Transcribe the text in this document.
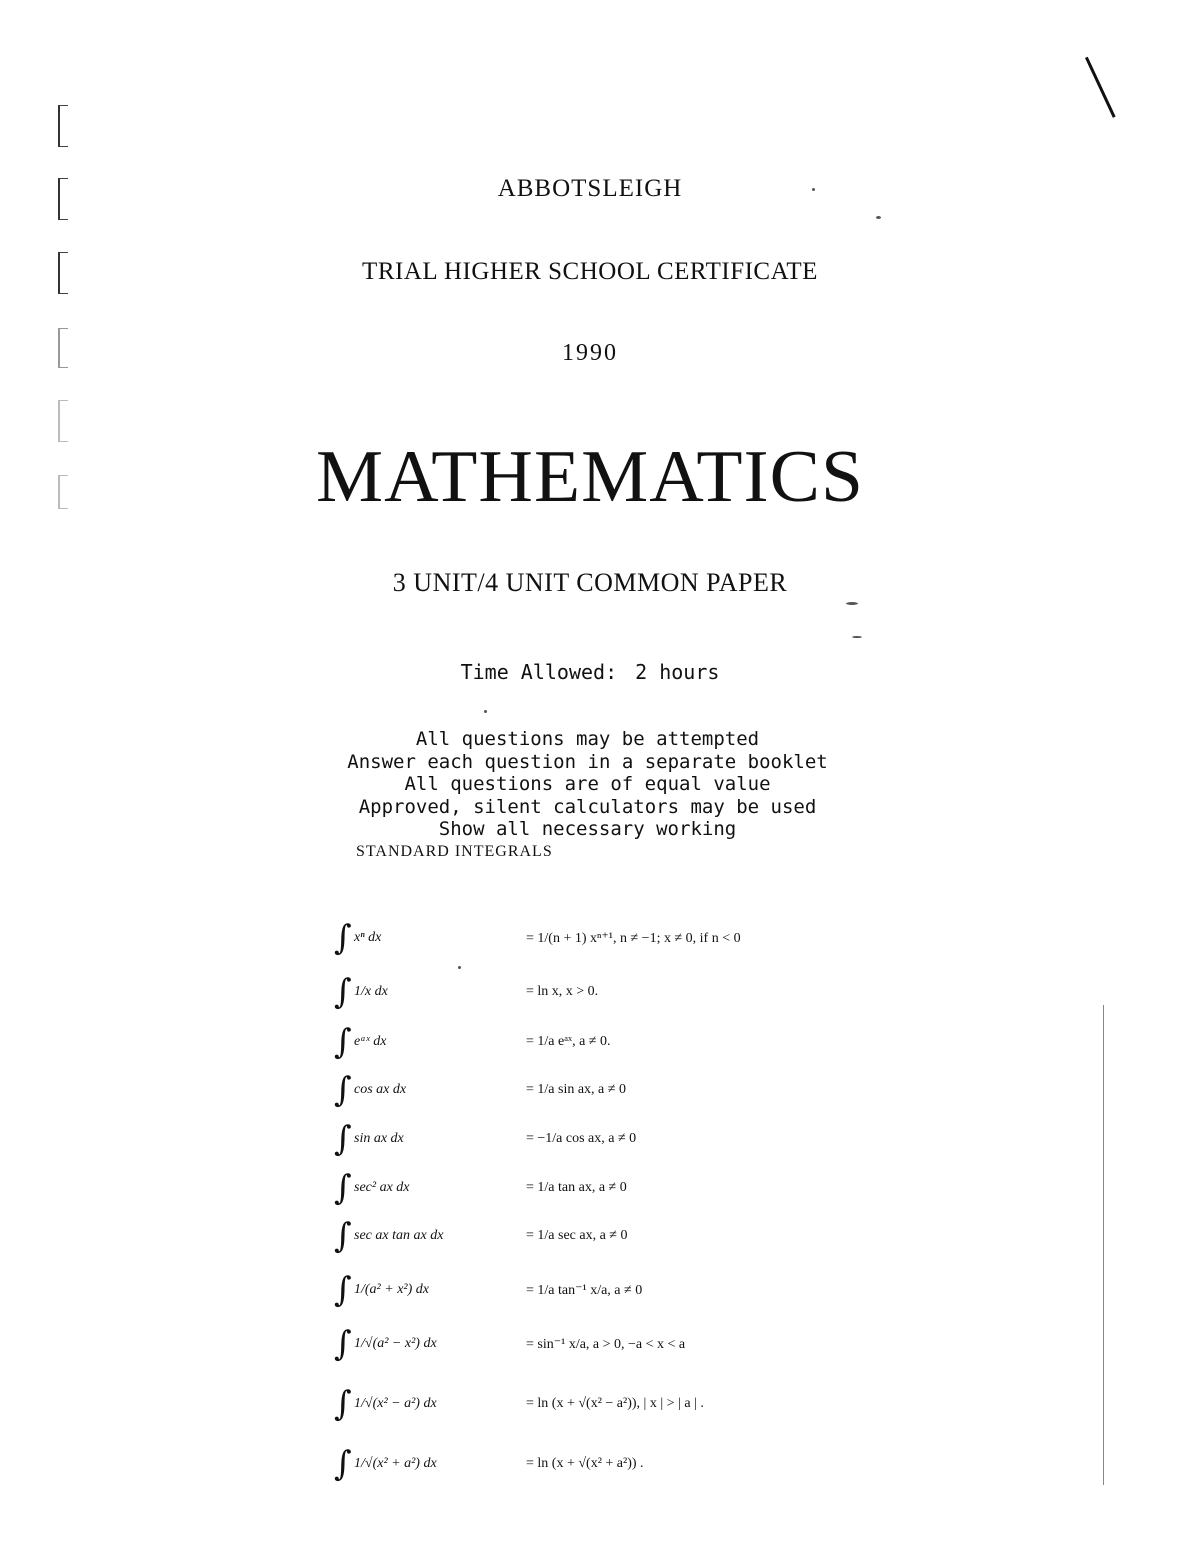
ABBOTSLEIGH
TRIAL HIGHER SCHOOL CERTIFICATE
1990
MATHEMATICS
3 UNIT/4 UNIT COMMON PAPER
Time Allowed: 2 hours
All questions may be attempted
Answer each question in a separate booklet
All questions are of equal value
Approved, silent calculators may be used
Show all necessary working
STANDARD INTEGRALS
∫ xⁿ dx	= 1/(n + 1) xⁿ⁺¹, n ≠ −1; x ≠ 0, if n < 0
∫ 1/x dx	= ln x, x > 0.
∫ eᵃˣ dx	= 1/a eᵃˣ, a ≠ 0.
∫ cos ax dx	= 1/a sin ax, a ≠ 0
∫ sin ax dx	= −1/a cos ax, a ≠ 0
∫ sec² ax dx	= 1/a tan ax, a ≠ 0
∫ sec ax tan ax dx	= 1/a sec ax, a ≠ 0
∫ 1/(a² + x²) dx	= 1/a tan⁻¹ x/a, a ≠ 0
∫ 1/√(a² − x²) dx	= sin⁻¹ x/a, a > 0, −a < x < a
∫ 1/√(x² − a²) dx	= ln (x + √(x² − a²)), | x | > | a | .
∫ 1/√(x² + a²) dx	= ln (x + √(x² + a²)) .
